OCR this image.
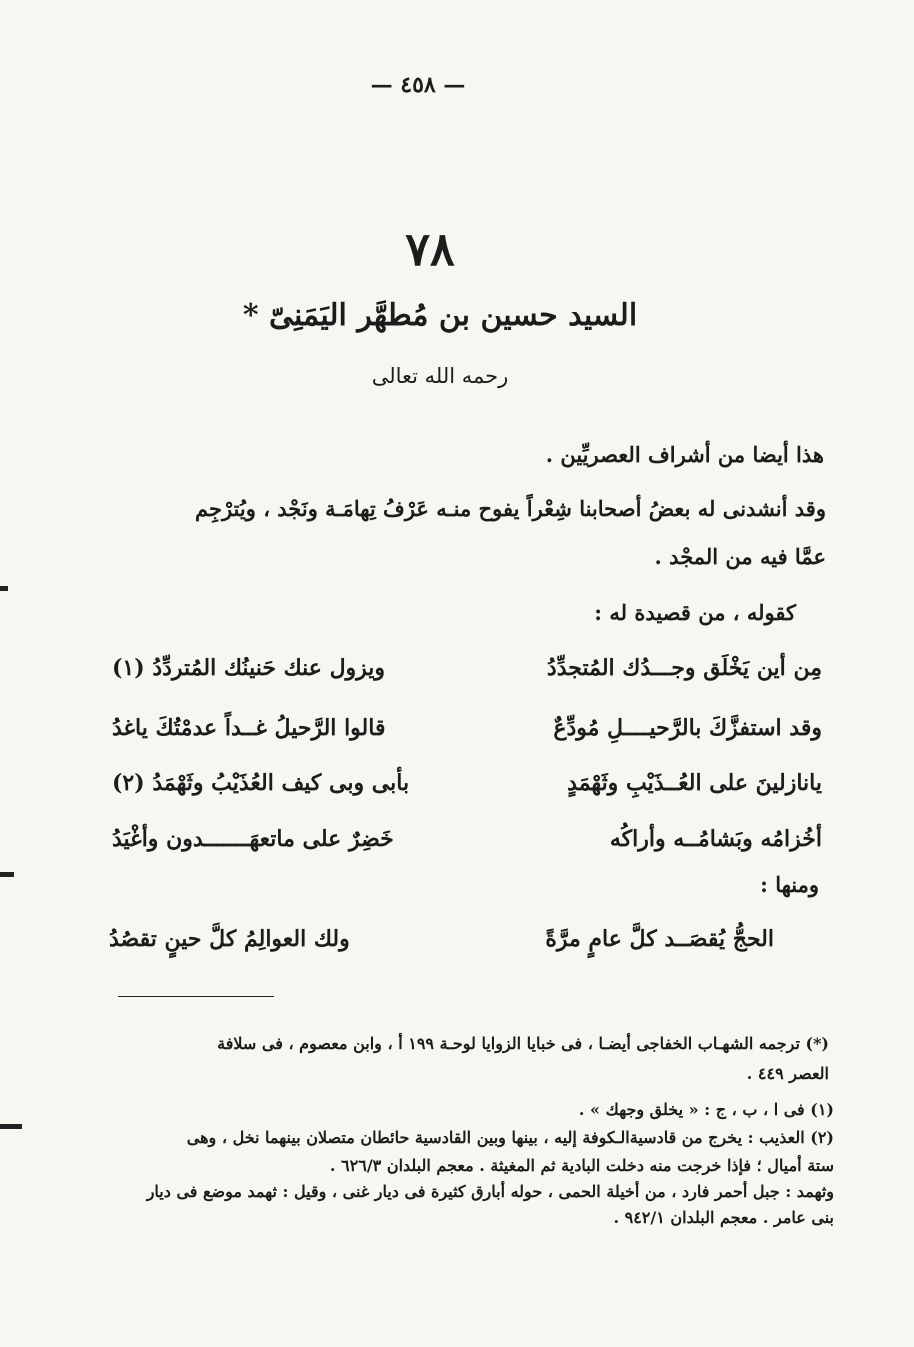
— ٤٥٨ —
٧٨
السيد حسين بن مُطهَّر اليَمَنِىّ *
رحمه الله تعالى
هذا أيضا من أشراف العصريِّين .
وقد أنشدنى له بعضُ أصحابنا شِعْراً يفوح منـه عَرْفُ تِهامَـة ونَجْد ، ويُترْجِم
عمَّا فيه من المجْد .
كقوله ، من قصيدة له :
مِن أين يَخْلَق وجـــدُك المُتجدِّدُ
ويزول عنك حَنينُك المُتردِّدُ (١)
وقد استفزَّكَ بالرَّحيــــلِ مُودِّعٌ
قالوا الرَّحيلُ غــداً عدمْتُكَ ياغدُ
يانازلينَ على العُــذَيْبِ وثَهْمَدٍ
بأبى وبى كيف العُذَيْبُ وثَهْمَدُ (٢)
أخُزامُه وبَشامُــه وأراكُه
خَضِرٌ على ماتعهَـــــــدون وأغْيَدُ
ومنها :
الحجُّ يُقصَــد كلَّ عامٍ مرَّةً
ولك العوالِمُ كلَّ حينٍ تقصُدُ
(*) ترجمه الشهـاب الخفاجى أيضـا ، فى خبايا الزوايا لوحـة ١٩٩ أ ، وابن معصوم ، فى سلافة
العصر ٤٤٩ .
(١) فى ا ، ب ، ج : « يخلق وجهك » .
(٢) العذيب : يخرج من قادسيةالـكوفة إليه ، بينها وبين القادسية حائطان متصلان بينهما نخل ، وهى
ستة أميال ؛ فإذا خرجت منه دخلت البادية ثم المغيثة . معجم البلدان ٦٢٦/٣ .
وثهمد : جبل أحمر فارد ، من أخيلة الحمى ، حوله أبارق كثيرة فى ديار غنى ، وقيل : ثهمد موضع فى ديار
بنى عامر . معجم البلدان ٩٤٢/١ .
